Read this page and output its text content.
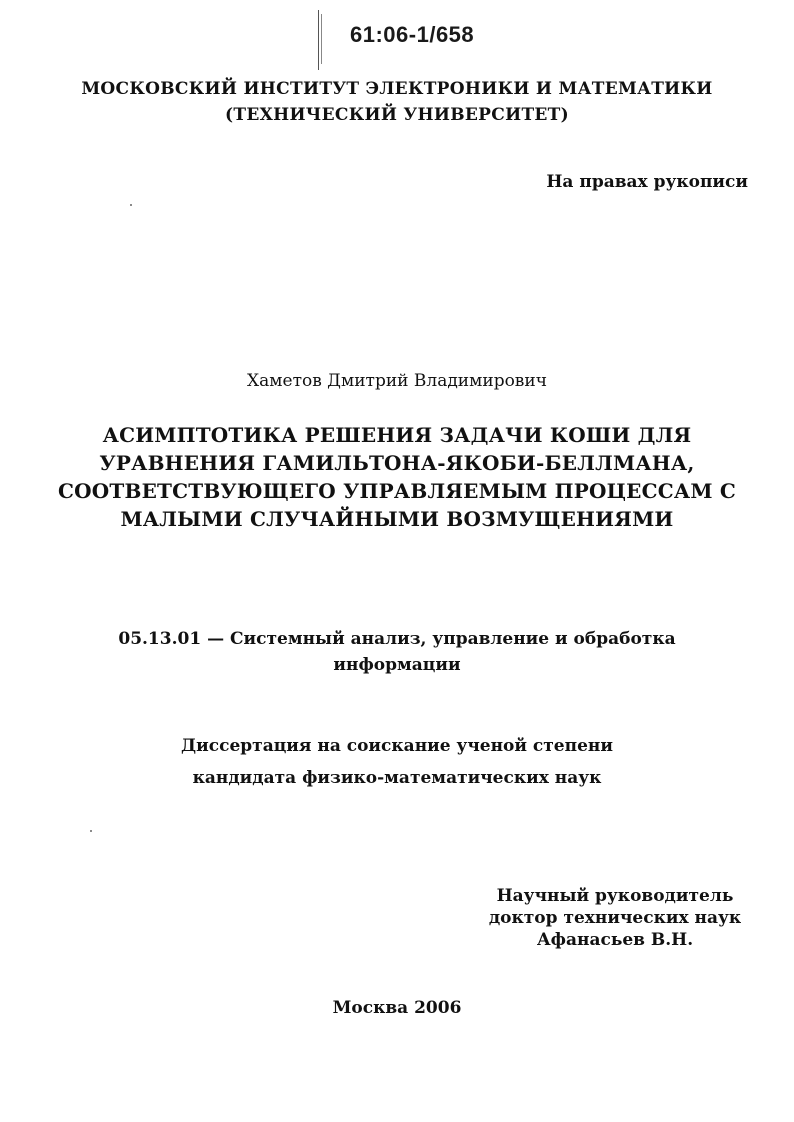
61:06-1/658
МОСКОВСКИЙ ИНСТИТУТ ЭЛЕКТРОНИКИ И МАТЕМАТИКИ
(ТЕХНИЧЕСКИЙ УНИВЕРСИТЕТ)
На правах рукописи
Хаметов Дмитрий Владимирович
АСИМПТОТИКА РЕШЕНИЯ ЗАДАЧИ КОШИ ДЛЯ
УРАВНЕНИЯ ГАМИЛЬТОНА-ЯКОБИ-БЕЛЛМАНА,
СООТВЕТСТВУЮЩЕГО УПРАВЛЯЕМЫМ ПРОЦЕССАМ С
МАЛЫМИ СЛУЧАЙНЫМИ ВОЗМУЩЕНИЯМИ
05.13.01 — Системный анализ, управление и обработка
информации
Диссертация на соискание ученой степени
кандидата физико-математических наук
Научный руководитель
доктор технических наук
Афанасьев В.Н.
Москва 2006
